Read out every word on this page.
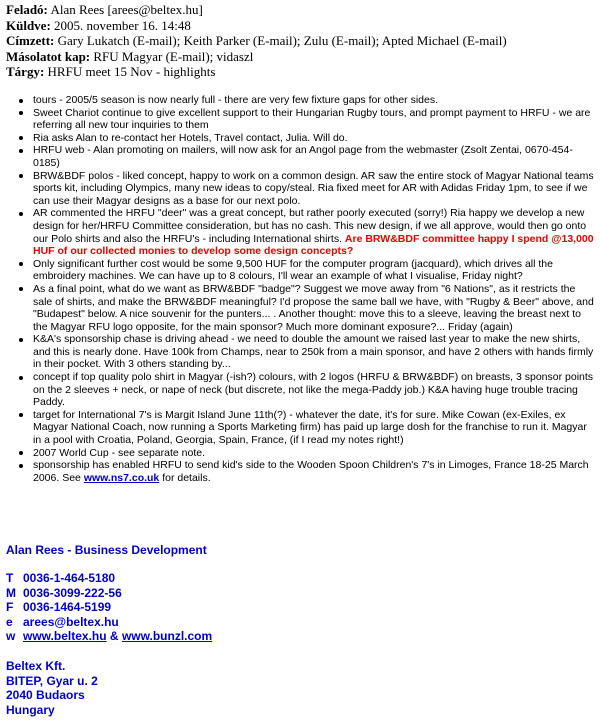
Feladó: Alan Rees [arees@beltex.hu]
Küldve: 2005. november 16. 14:48
Címzett: Gary Lukatch (E-mail); Keith Parker (E-mail); Zulu (E-mail); Apted Michael (E-mail)
Másolatot kap: RFU Magyar (E-mail); vidaszl
Tárgy: HRFU meet 15 Nov - highlights
tours - 2005/5 season is now nearly full - there are very few fixture gaps for other sides.
Sweet Chariot continue to give excellent support to their Hungarian Rugby tours, and prompt payment to HRFU - we are referring all new tour inquiries to them
Ria asks Alan to re-contact her Hotels, Travel contact, Julia. Will do.
HRFU web - Alan promoting on mailers, will now ask for an Angol page from the webmaster (Zsolt Zentai, 0670-454-0185)
BRW&BDF polos - liked concept, happy to work on a common design. AR saw the entire stock of Magyar National teams sports kit, including Olympics, many new ideas to copy/steal. Ria fixed meet for AR with Adidas Friday 1pm, to see if we can use their Magyar designs as a base for our next polo.
AR commented the HRFU "deer" was a great concept, but rather poorly executed (sorry!) Ria happy we develop a new design for her/HRFU Committee consideration, but has no cash. This new design, if we all approve, would then go onto our Polo shirts and also the HRFU's - including International shirts. Are BRW&BDF committee happy I spend @13,000 HUF of our collected monies to develop some design concepts?
Only significant further cost would be some 9,500 HUF for the computer program (jacquard), which drives all the embroidery machines. We can have up to 8 colours, I'll wear an example of what I visualise, Friday night?
As a final point, what do we want as BRW&BDF "badge"? Suggest we move away from "6 Nations", as it restricts the sale of shirts, and make the BRW&BDF meaningful? I'd propose the same ball we have, with "Rugby & Beer" above, and "Budapest" below. A nice souvenir for the punters... . Another thought: move this to a sleeve, leaving the breast next to the Magyar RFU logo opposite, for the main sponsor? Much more dominant exposure?... Friday (again)
K&A's sponsorship chase is driving ahead - we need to double the amount we raised last year to make the new shirts, and this is nearly done. Have 100k from Champs, near to 250k from a main sponsor, and have 2 others with hands firmly in their pocket. With 3 others standing by...
concept if top quality polo shirt in Magyar (-ish?) colours, with 2 logos (HRFU & BRW&BDF) on breasts, 3 sponsor points on the 2 sleeves + neck, or nape of neck (but discrete, not like the mega-Paddy job.) K&A having huge trouble tracing Paddy.
target for International 7's is Margit Island June 11th(?) - whatever the date, it's for sure. Mike Cowan (ex-Exiles, ex Magyar National Coach, now running a Sports Marketing firm) has paid up large dosh for the franchise to run it. Magyar in a pool with Croatia, Poland, Georgia, Spain, France, (if I read my notes right!)
2007 World Cup - see separate note.
sponsorship has enabled HRFU to send kid's side to the Wooden Spoon Children's 7's in Limoges, France 18-25 March 2006. See www.ns7.co.uk for details.
Alan Rees - Business Development
T 0036-1-464-5180
M 0036-3099-222-56
F 0036-1464-5199
e arees@beltex.hu
w www.beltex.hu & www.bunzl.com
Beltex Kft.
BITEP, Gyar u. 2
2040 Budaors
Hungary
